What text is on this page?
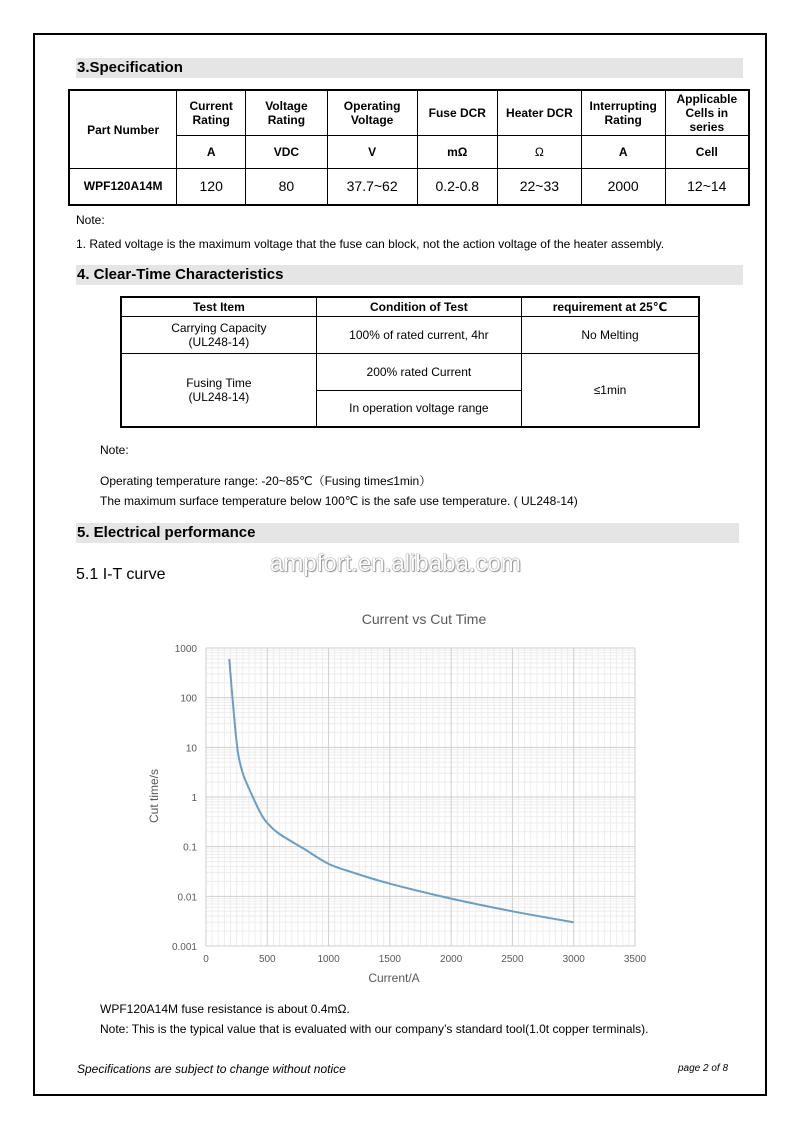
3.Specification
Part Number	Current Rating	Voltage Rating	Operating Voltage	Fuse DCR	Heater DCR	Interrupting Rating	Applicable Cells in series
	A	VDC	V	mΩ	Ω	A	Cell
WPF120A14M	120	80	37.7~62	0.2-0.8	22~33	2000	12~14
Note:
1. Rated voltage is the maximum voltage that the fuse can block, not the action voltage of the heater assembly.
4. Clear-Time Characteristics
Test Item	Condition of Test	requirement at 25℃

Carrying Capacity
(UL248-14)	100% of rated current, 4hr	No Melting

Fusing Time
(UL248-14)	200% rated Current	≤1min
	In operation voltage range	
Note:
Operating temperature range: -20~85℃（Fusing time≤1min）
The maximum surface temperature below 100℃ is the safe use temperature. ( UL248-14)
5. Electrical performance
5.1 I-T curve	ampfort.en.alibaba.com
Current vs Cut Time
0.001
0.01
0.1
1
10
100
1000
0	500	1000	1500	2000	2500	3000	3500
Current/A
Cut time/s
WPF120A14M fuse resistance is about 0.4mΩ.
Note: This is the typical value that is evaluated with our company’s standard tool(1.0t copper terminals).
Specifications are subject to change without notice	page 2 of 8
